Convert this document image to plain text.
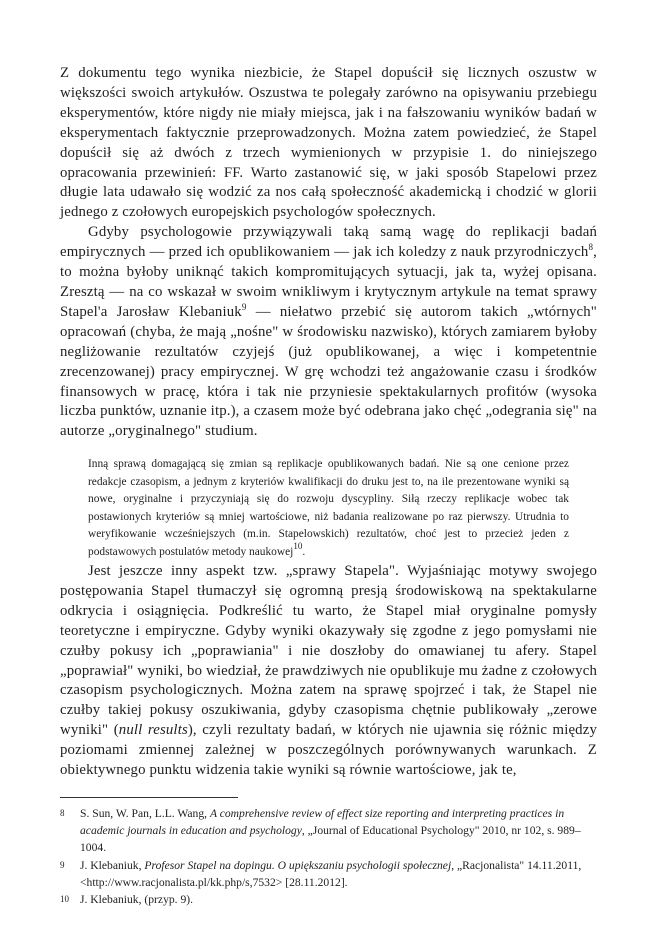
Z dokumentu tego wynika niezbicie, że Stapel dopuścił się licznych oszustw w większości swoich artykułów. Oszustwa te polegały zarówno na opisywaniu przebiegu eksperymentów, które nigdy nie miały miejsca, jak i na fałszowaniu wyników badań w eksperymentach faktycznie przeprowadzonych. Można zatem powiedzieć, że Stapel dopuścił się aż dwóch z trzech wymienionych w przypisie 1. do niniejszego opracowania przewinień: FF. Warto zastanowić się, w jaki sposób Stapelowi przez długie lata udawało się wodzić za nos całą społeczność akademicką i chodzić w glorii jednego z czołowych europejskich psychologów społecznych.

Gdyby psychologowie przywiązywali taką samą wagę do replikacji badań empirycznych — przed ich opublikowaniem — jak ich koledzy z nauk przyrodniczych$^8$, to można byłoby uniknąć takich kompromitujących sytuacji, jak ta, wyżej opisana. Zresztą — na co wskazał w swoim wnikliwym i krytycznym artykule na temat sprawy Stapel'a Jarosław Klebaniuk$^9$ — niełatwo przebić się autorom takich „wtórnych" opracowań (chyba, że mają „nośne" w środowisku nazwisko), których zamiarem byłoby negliżowanie rezultatów czyjejś (już opublikowanej, a więc i kompetentnie zrecenzowanej) pracy empirycznej. W grę wchodzi też angażowanie czasu i środków finansowych w pracę, która i tak nie przyniesie spektakularnych profitów (wysoka liczba punktów, uznanie itp.), a czasem może być odebrana jako chęć „odegrania się" na autorze „oryginalnego" studium.

Inną sprawą domagającą się zmian są replikacje opublikowanych badań. Nie są one cenione przez redakcje czasopism, a jednym z kryteriów kwalifikacji do druku jest to, na ile prezentowane wyniki są nowe, oryginalne i przyczyniają się do rozwoju dyscypliny. Siłą rzeczy replikacje wobec tak postawionych kryteriów są mniej wartościowe, niż badania realizowane po raz pierwszy. Utrudnia to weryfikowanie wcześniejszych (m.in. Stapelowskich) rezultatów, choć jest to przecież jeden z podstawowych postulatów metody naukowej$^{10}$.

Jest jeszcze inny aspekt tzw. „sprawy Stapela". Wyjaśniając motywy swojego postępowania Stapel tłumaczył się ogromną presją środowiskową na spektakularne odkrycia i osiągnięcia. Podkreślić tu warto, że Stapel miał oryginalne pomysły teoretyczne i empiryczne. Gdyby wyniki okazywały się zgodne z jego pomysłami nie czułby pokusy ich „poprawiania" i nie doszłoby do omawianej tu afery. Stapel „poprawiał" wyniki, bo wiedział, że prawdziwych nie opublikuje mu żadne z czołowych czasopism psychologicznych. Można zatem na sprawę spojrzeć i tak, że Stapel nie czułby takiej pokusy oszukiwania, gdyby czasopisma chętnie publikowały „zerowe wyniki" (null results), czyli rezultaty badań, w których nie ujawnia się różnic między poziomami zmiennej zależnej w poszczególnych porównywanych warunkach. Z obiektywnego punktu widzenia takie wyniki są równie wartościowe, jak te,

8 S. Sun, W. Pan, L.L. Wang, A comprehensive review of effect size reporting and interpreting practices in academic journals in education and psychology, „Journal of Educational Psychology" 2010, nr 102, s. 989–1004.

9 J. Klebaniuk, Profesor Stapel na dopingu. O upiększaniu psychologii społecznej, „Racjonalista" 14.11.2011, <http://www.racjonalista.pl/kk.php/s,7532> [28.11.2012].

10 J. Klebaniuk, (przyp. 9).
